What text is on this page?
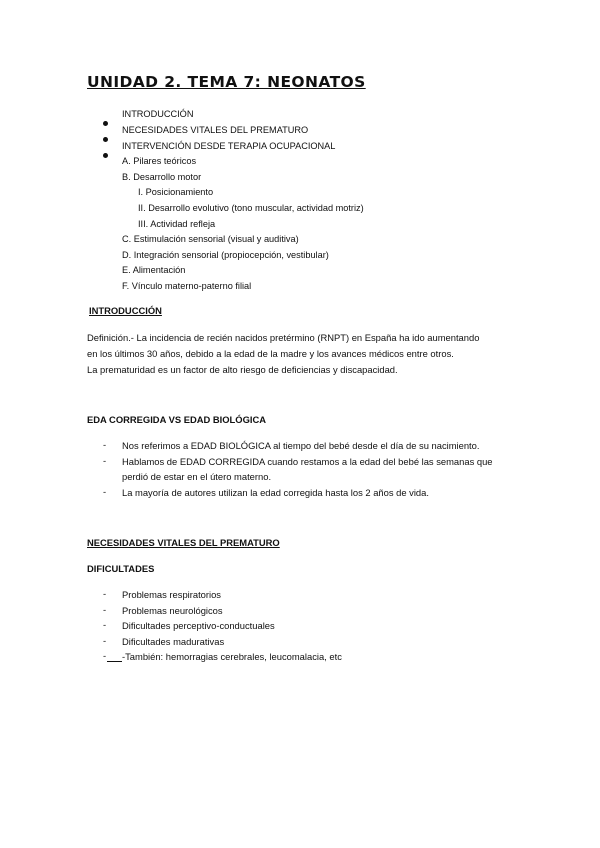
UNIDAD 2. TEMA 7: NEONATOS
INTRODUCCIÓN
NECESIDADES VITALES DEL PREMATURO
INTERVENCIÓN DESDE TERAPIA OCUPACIONAL
A. Pilares teóricos
B. Desarrollo motor
I. Posicionamiento
II. Desarrollo evolutivo (tono muscular, actividad motriz)
III. Actividad refleja
C. Estimulación sensorial (visual y auditiva)
D. Integración sensorial (propiocepción, vestibular)
E. Alimentación
F. Vínculo materno-paterno filial
INTRODUCCIÓN
Definición.- La incidencia de recién nacidos pretérmino (RNPT) en España ha ido aumentando
en los últimos 30 años, debido a la edad de la madre y los avances médicos entre otros.
La prematuridad es un factor de alto riesgo de deficiencias y discapacidad.
EDA CORREGIDA VS EDAD BIOLÓGICA
- Nos referimos a EDAD BIOLÓGICA al tiempo del bebé desde el día de su nacimiento.
- Hablamos de EDAD CORREGIDA cuando restamos a la edad del bebé las semanas que
perdió de estar en el útero materno.
- La mayoría de autores utilizan la edad corregida hasta los 2 años de vida.
NECESIDADES VITALES DEL PREMATURO
DIFICULTADES
- Problemas respiratorios
- Problemas neurológicos
- Dificultades perceptivo-conductuales
- Dificultades madurativas
- -También: hemorragias cerebrales, leucomalacia, etc
